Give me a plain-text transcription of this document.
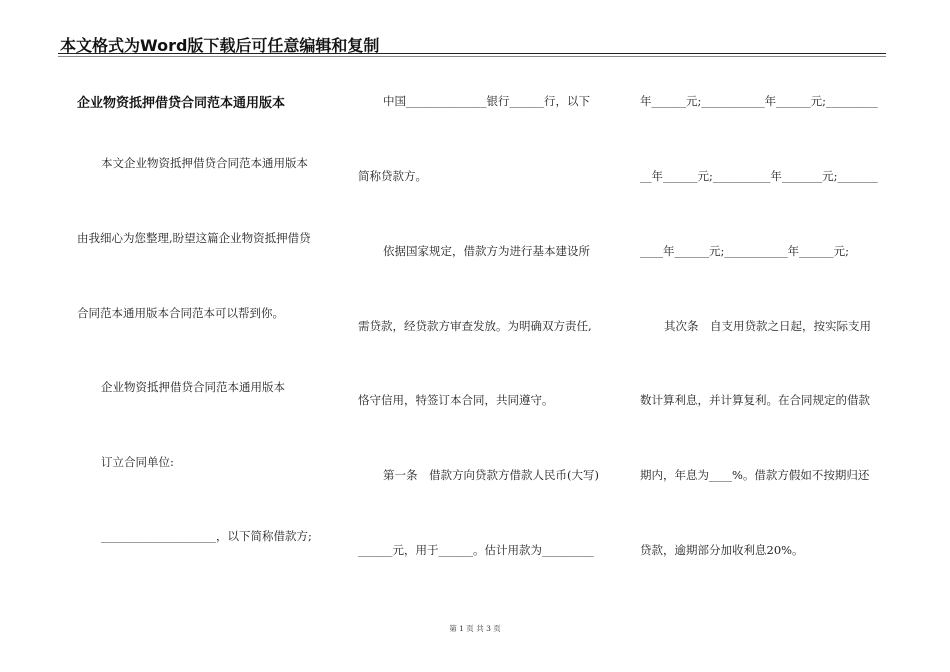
本文格式为Word版下载后可任意编辑和复制
企业物资抵押借贷合同范本通用版本
本文企业物资抵押借贷合同范本通用版本
由我细心为您整理,盼望这篇企业物资抵押借贷
合同范本通用版本合同范本可以帮到你。
企业物资抵押借贷合同范本通用版本
订立合同单位:
____________________，以下简称借款方;
中国______________银行______行，以下
简称贷款方。
依据国家规定，借款方为进行基本建设所
需贷款，经贷款方审查发放。为明确双方责任,
恪守信用，特签订本合同，共同遵守。
第一条　借款方向贷款方借款人民币(大写)
______元，用于______。估计用款为_________
年______元;___________年______元;_________
__年______元;__________年_______元;_______
____年______元;___________年______元;
其次条　自支用贷款之日起，按实际支用
数计算利息，并计算复利。在合同规定的借款
期内，年息为____%。借款方假如不按期归还
贷款，逾期部分加收利息20%。
第 1 页 共 3 页
